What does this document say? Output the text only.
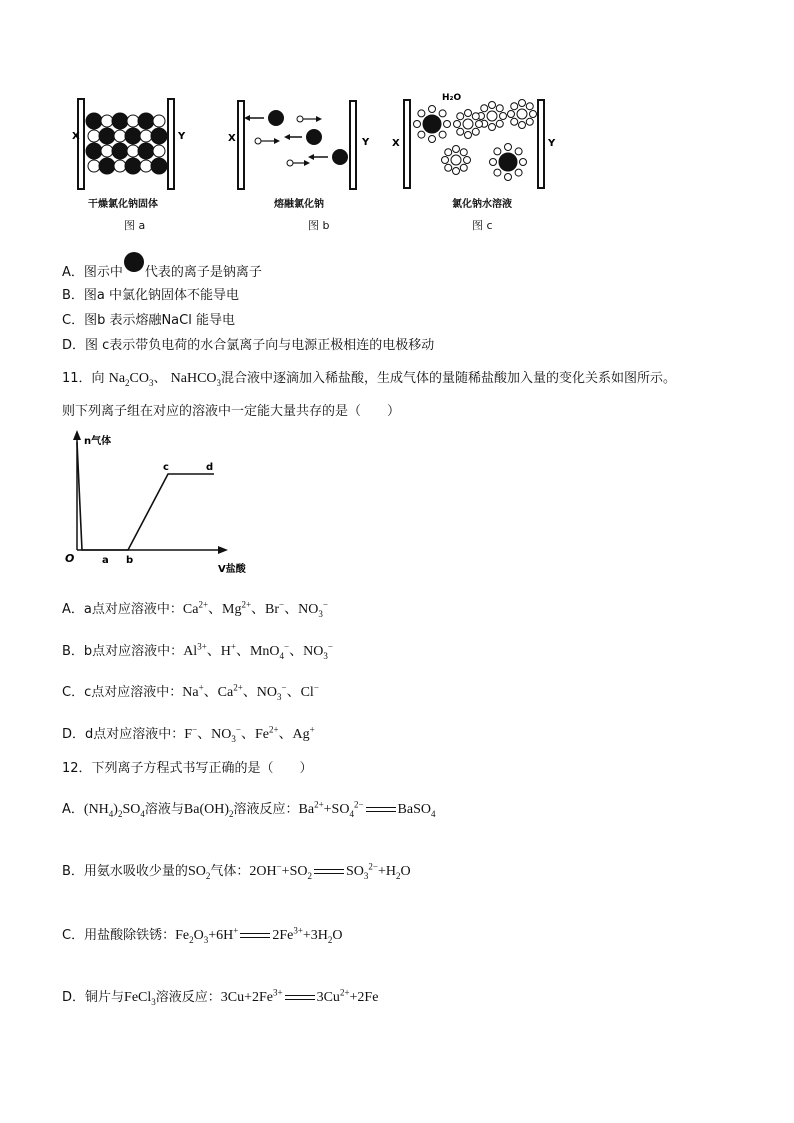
X	Y
干燥氯化钠固体
图 a
X	Y
熔融氯化钠
图 b
X	Y
H₂O
氯化钠水溶液
图 c
A．图示中 代表的离子是钠离子
B．图a 中氯化钠固体不能导电
C．图b 表示熔融NaCl 能导电
D．图 c表示带负电荷的水合氯离子向与电源正极相连的电极移动
11．向 $Na_2CO_3$、 NaHCO$_3$混合液中逐滴加入稀盐酸，生成气体的量随稀盐酸加入量的变化关系如图所示。
则下列离子组在对应的溶液中一定能大量共存的是（　　）
n气体
V盐酸
O	a b
c	d
A．a点对应溶液中：$Ca^{2+}$、$Mg^{2+}$、Br−、$NO_3^-$
B．b点对应溶液中：$Al^{3+}$、H+、MnO$_4$−、$NO_3^-$
C．c点对应溶液中：Na+、$Ca^{2+}$、$NO_3^-$、Cl−
D．d点对应溶液中：F−、$NO_3^-$、$Fe^{2+}$、Ag+
12．下列离子方程式书写正确的是（　　）
A．$(NH_4)_2SO_4$溶液与$Ba(OH)_2$溶液反应：$Ba^{2+}+SO_4^{2-}$ BaSO$_4$
B．用氨水吸收少量的$SO_2$气体：$2OH^-+SO_2$ $SO_3^{2-}+H_2O$
C．用盐酸除铁锈：$Fe_2O_3+6H^+$ $2Fe^{3+}+3H_2O$
D．铜片与FeCl$_3$溶液反应：$3Cu+2Fe^{3+}$ $3Cu^{2+}+2Fe$
